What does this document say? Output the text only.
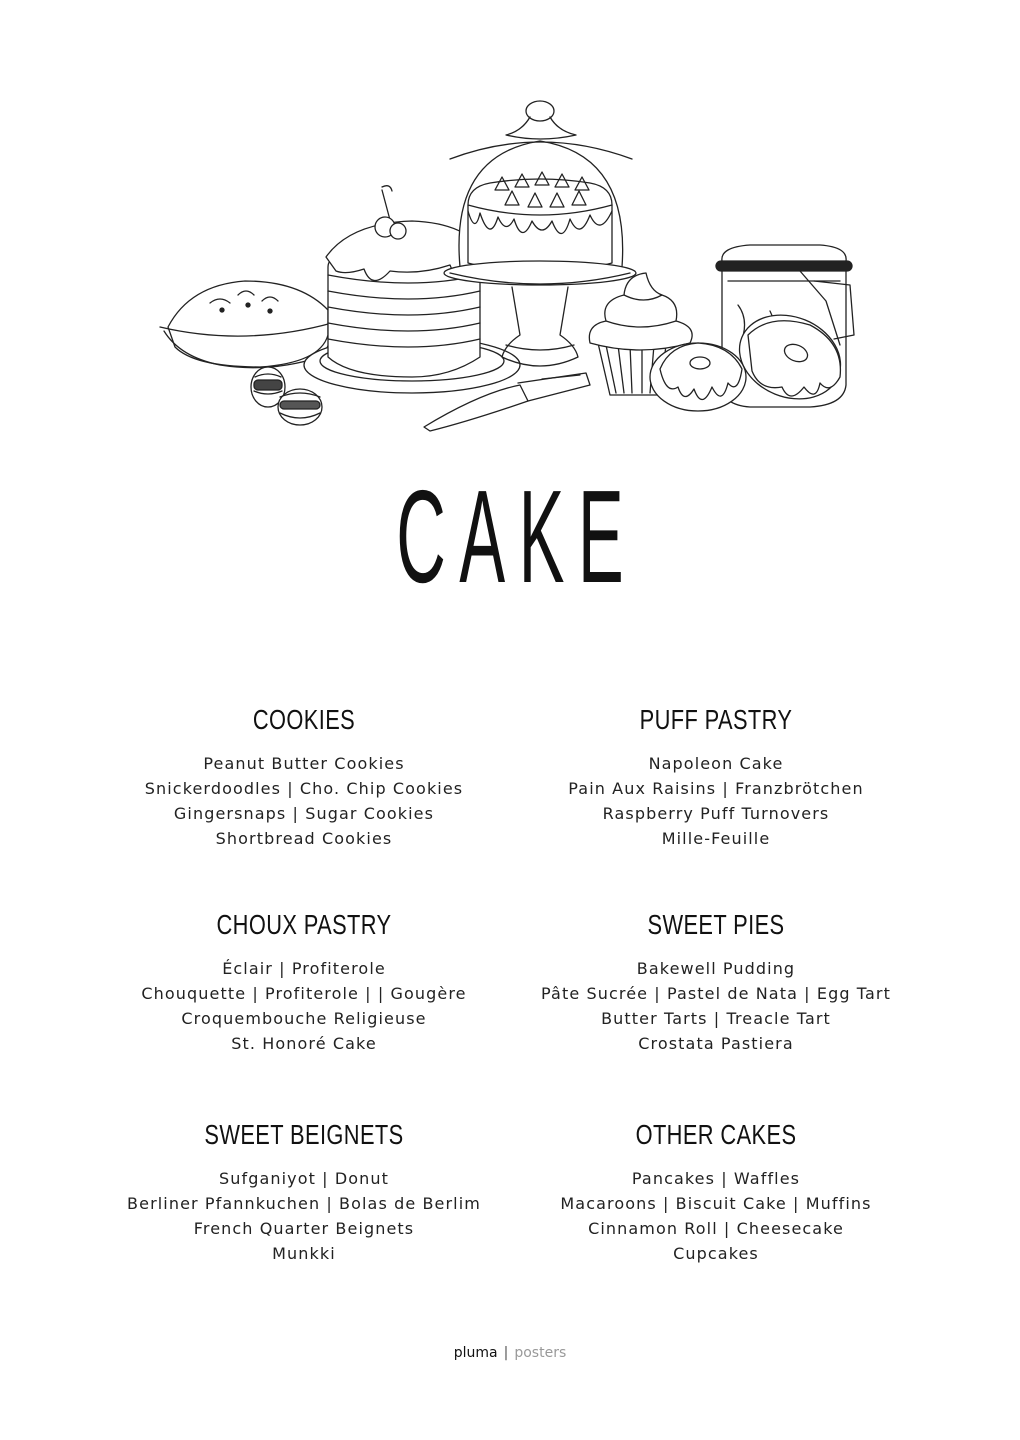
CAKE
COOKIES
Peanut Butter Cookies
Snickerdoodles | Cho. Chip Cookies
Gingersnaps | Sugar Cookies
Shortbread Cookies
PUFF PASTRY
Napoleon Cake
Pain Aux Raisins | Franzbrötchen
Raspberry Puff Turnovers
Mille-Feuille
CHOUX PASTRY
Éclair | Profiterole
Chouquette | Profiterole | | Gougère
Croquembouche Religieuse
St. Honoré Cake
SWEET PIES
Bakewell Pudding
Pâte Sucrée | Pastel de Nata | Egg Tart
Butter Tarts | Treacle Tart
Crostata Pastiera
SWEET BEIGNETS
Sufganiyot | Donut
Berliner Pfannkuchen | Bolas de Berlim
French Quarter Beignets
Munkki
OTHER CAKES
Pancakes | Waffles
Macaroons | Biscuit Cake | Muffins
Cinnamon Roll | Cheesecake
Cupcakes
pluma | posters
